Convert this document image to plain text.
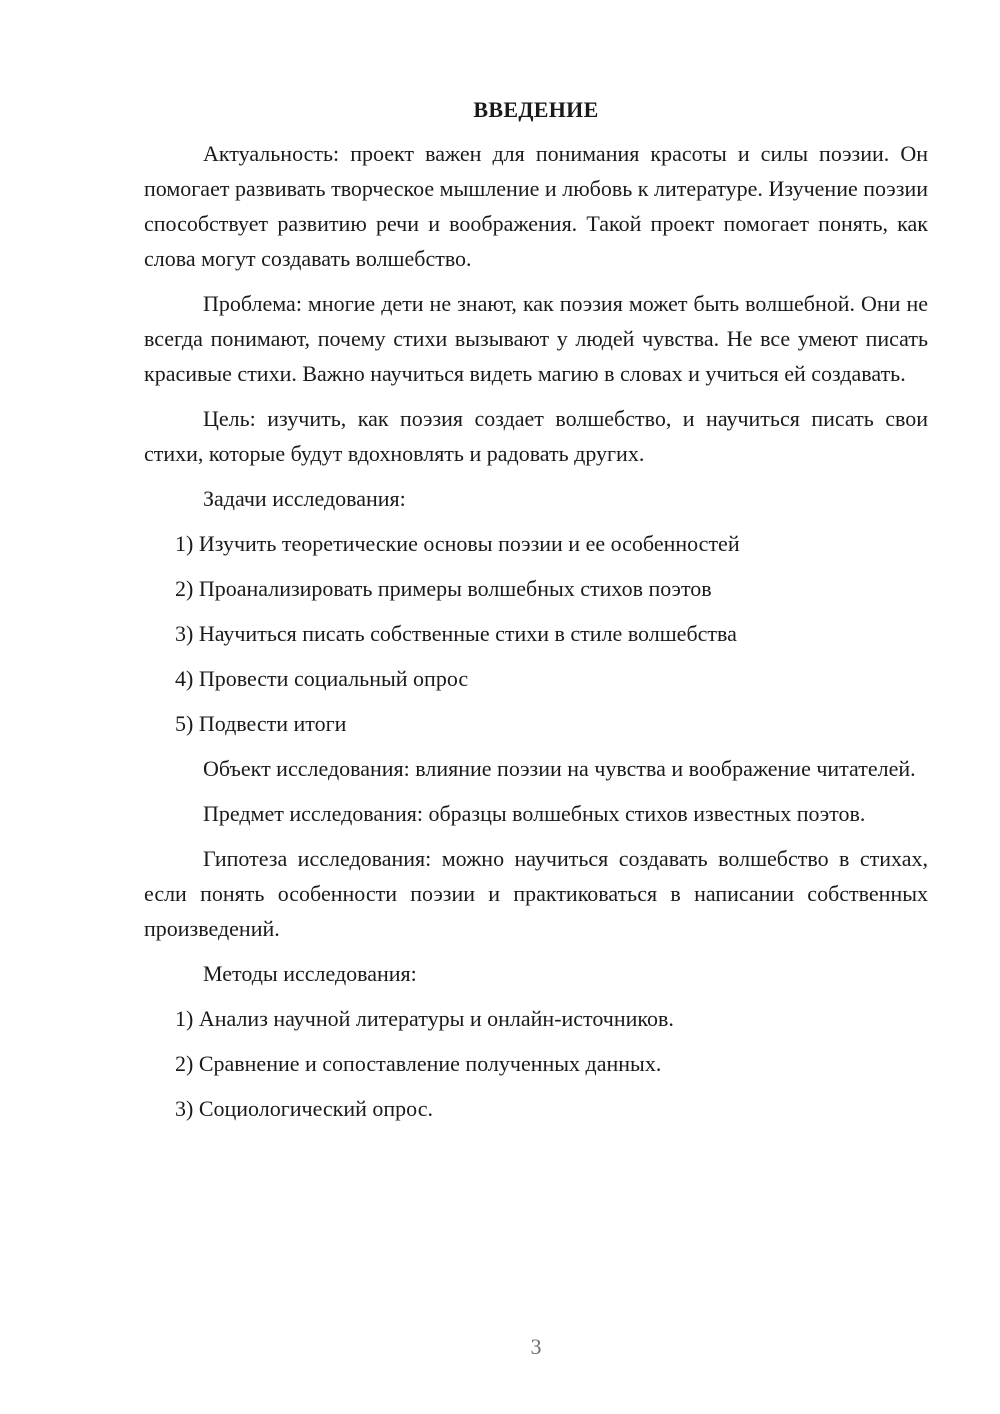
ВВЕДЕНИЕ

Актуальность: проект важен для понимания красоты и силы поэзии. Он помогает развивать творческое мышление и любовь к литературе. Изучение поэзии способствует развитию речи и воображения. Такой проект помогает понять, как слова могут создавать волшебство.

Проблема: многие дети не знают, как поэзия может быть волшебной. Они не всегда понимают, почему стихи вызывают у людей чувства. Не все умеют писать красивые стихи. Важно научиться видеть магию в словах и учиться ей создавать.

Цель: изучить, как поэзия создает волшебство, и научиться писать свои стихи, которые будут вдохновлять и радовать других.

Задачи исследования:

1) Изучить теоретические основы поэзии и ее особенностей
2) Проанализировать примеры волшебных стихов поэтов
3) Научиться писать собственные стихи в стиле волшебства
4) Провести социальный опрос
5) Подвести итоги

Объект исследования: влияние поэзии на чувства и воображение читателей.

Предмет исследования: образцы волшебных стихов известных поэтов.

Гипотеза исследования: можно научиться создавать волшебство в стихах, если понять особенности поэзии и практиковаться в написании собственных произведений.

Методы исследования:

1) Анализ научной литературы и онлайн-источников.
2) Сравнение и сопоставление полученных данных.
3) Социологический опрос.
3
